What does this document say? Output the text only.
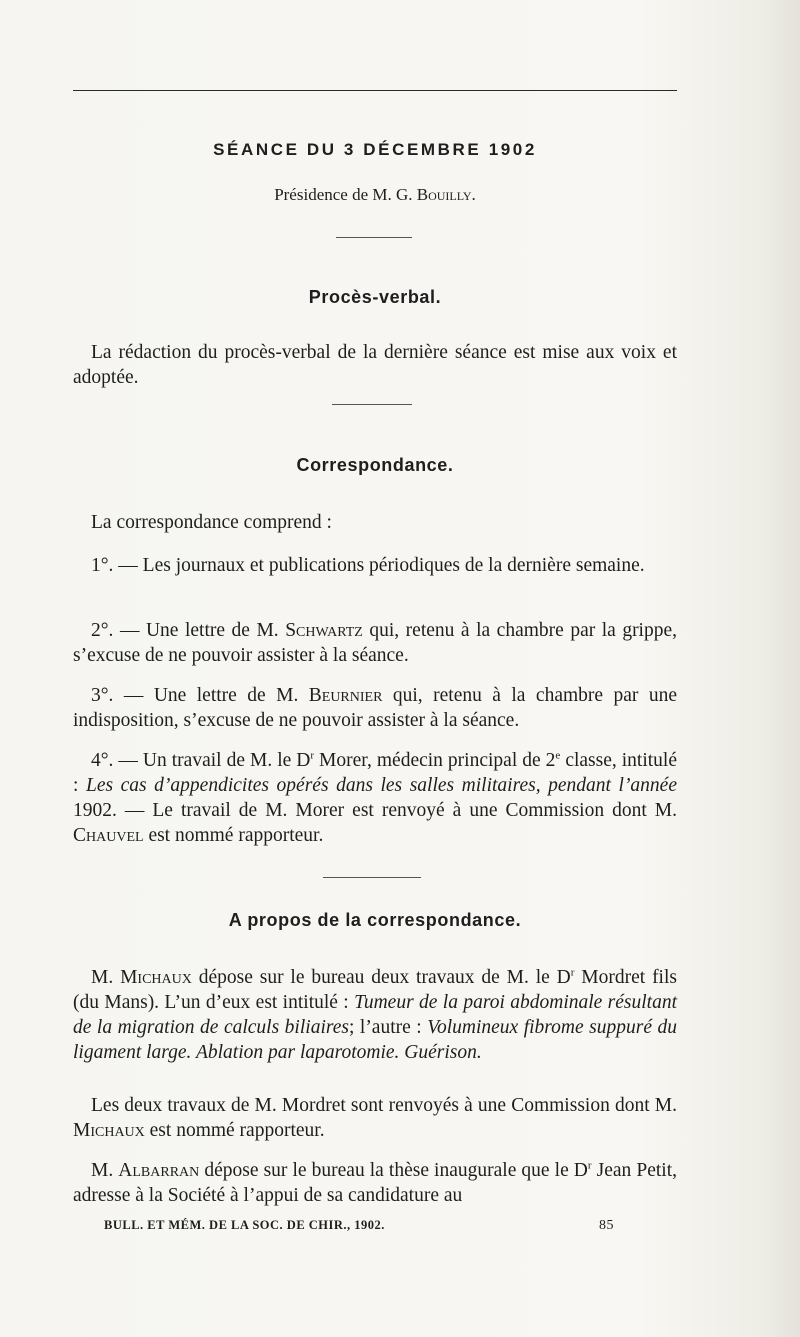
SÉANCE DU 3 DÉCEMBRE 1902
Présidence de M. G. Bouilly.
Procès-verbal.

La rédaction du procès-verbal de la dernière séance est mise aux voix et adoptée.

Correspondance.

La correspondance comprend :

1°. — Les journaux et publications périodiques de la dernière semaine.

2°. — Une lettre de M. Schwartz qui, retenu à la chambre par la grippe, s’excuse de ne pouvoir assister à la séance.

3°. — Une lettre de M. Beurnier qui, retenu à la chambre par une indisposition, s’excuse de ne pouvoir assister à la séance.

4°. — Un travail de M. le $D^r$ Morer, médecin principal de 2e classe, intitulé : Les cas d’appendicites opérés dans les salles militaires, pendant l’année 1902. — Le travail de M. Morer est renvoyé à une Commission dont M. Chauvel est nommé rapporteur.

A propos de la correspondance.

M. Michaux dépose sur le bureau deux travaux de M. le $D^r$ Mordret fils (du Mans). L’un d’eux est intitulé : Tumeur de la paroi abdominale résultant de la migration de calculs biliaires; l’autre : Volumineux fibrome suppuré du ligament large. Ablation par laparotomie. Guérison.

Les deux travaux de M. Mordret sont renvoyés à une Commission dont M. Michaux est nommé rapporteur.

M. Albarran dépose sur le bureau la thèse inaugurale que le $D^r$ Jean Petit, adresse à la Société à l’appui de sa candidature au

BULL. ET MÉM. DE LA SOC. DE CHIR., 1902.	85
